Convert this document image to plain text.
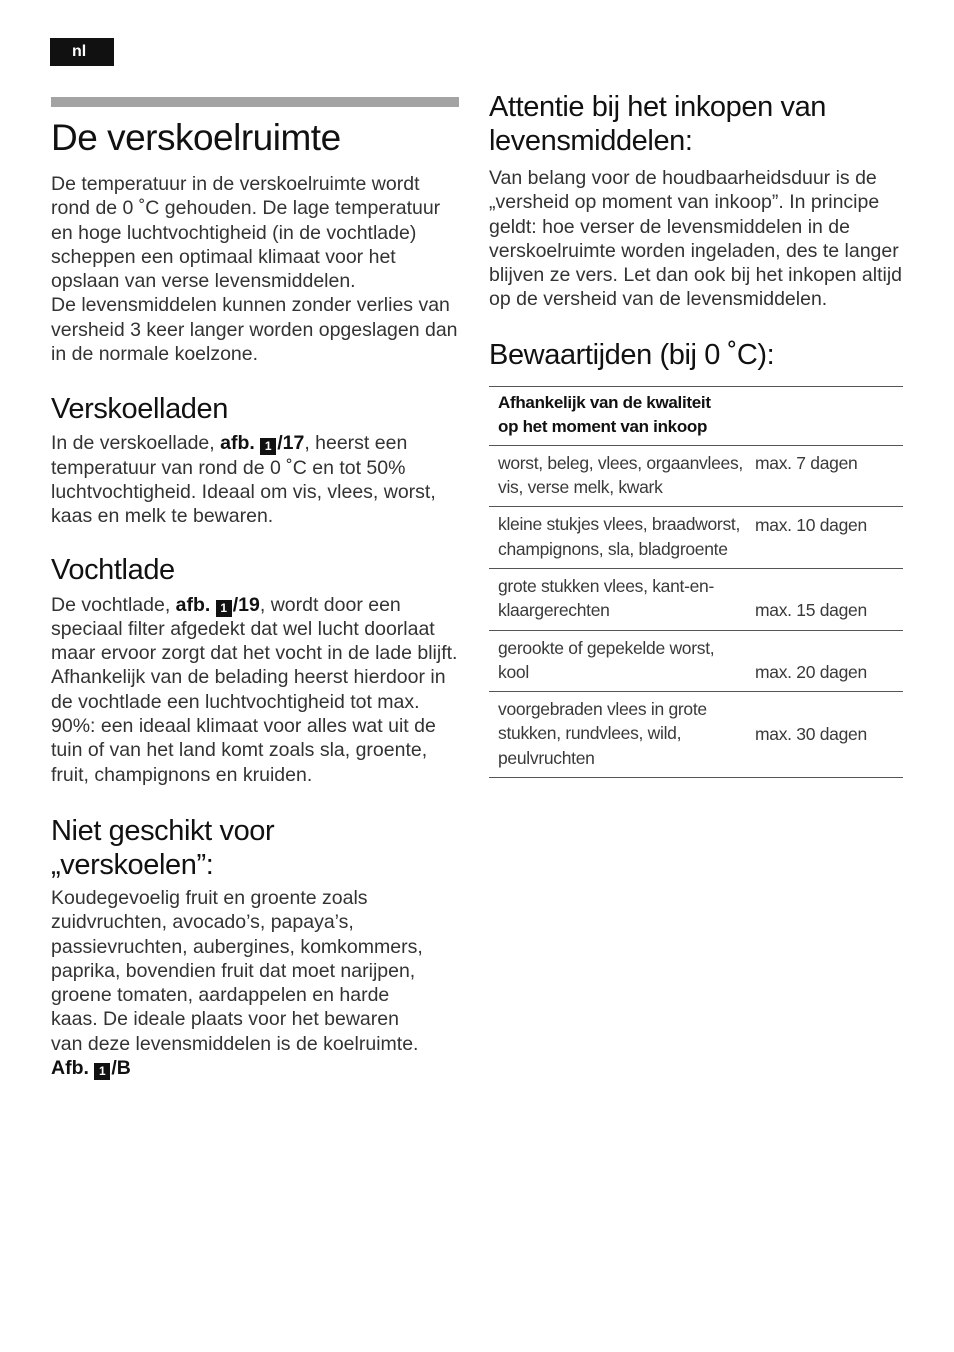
nl
De verskoelruimte

De temperatuur in de verskoelruimte wordt rond de 0 ˚C gehouden. De lage temperatuur en hoge luchtvochtigheid (in de vochtlade) scheppen een optimaal klimaat voor het opslaan van verse levensmiddelen.

De levensmiddelen kunnen zonder verlies van versheid 3 keer langer worden opgeslagen dan in de normale koelzone.

Verskoelladen

In de verskoellade, afb. 1 /17, heerst een temperatuur van rond de 0 ˚C en tot 50% luchtvochtigheid. Ideaal om vis, vlees, worst, kaas en melk te bewaren.

Vochtlade

De vochtlade, afb. 1 /19, wordt door een speciaal filter afgedekt dat wel lucht doorlaat maar ervoor zorgt dat het vocht in de lade blijft. Afhankelijk van de belading heerst hierdoor in de vochtlade een luchtvochtigheid tot max. 90%: een ideaal klimaat voor alles wat uit de tuin of van het land komt zoals sla, groente, fruit, champignons en kruiden.

Niet geschikt voor
„verskoelen”:

Koudegevoelig fruit en groente zoals zuidvruchten, avocado’s, papaya’s, passievruchten, aubergines, komkommers, paprika, bovendien fruit dat moet narijpen, groene tomaten, aardappelen en harde kaas. De ideale plaats voor het bewaren van deze levensmiddelen is de koelruimte.

Afb. 1 /B

Attentie bij het inkopen van levensmiddelen:

Van belang voor de houdbaarheidsduur is de „versheid op moment van inkoop”. In principe geldt: hoe verser de levensmiddelen in de verskoelruimte worden ingeladen, des te langer blijven ze vers. Let dan ook bij het inkopen altijd op de versheid van de levensmiddelen.

Bewaartijden (bij 0 ˚C):
Afhankelijk van de kwaliteit
op het moment van inkoop	
worst, beleg, vlees, orgaanvlees, vis, verse melk, kwark	max. 7 dagen
kleine stukjes vlees, braadworst, champignons, sla, bladgroente	max. 10 dagen
grote stukken vlees, kant-en-klaargerechten	max. 15 dagen
gerookte of gepekelde worst, kool	max. 20 dagen
voorgebraden vlees in grote stukken, rundvlees, wild, peulvruchten	max. 30 dagen
